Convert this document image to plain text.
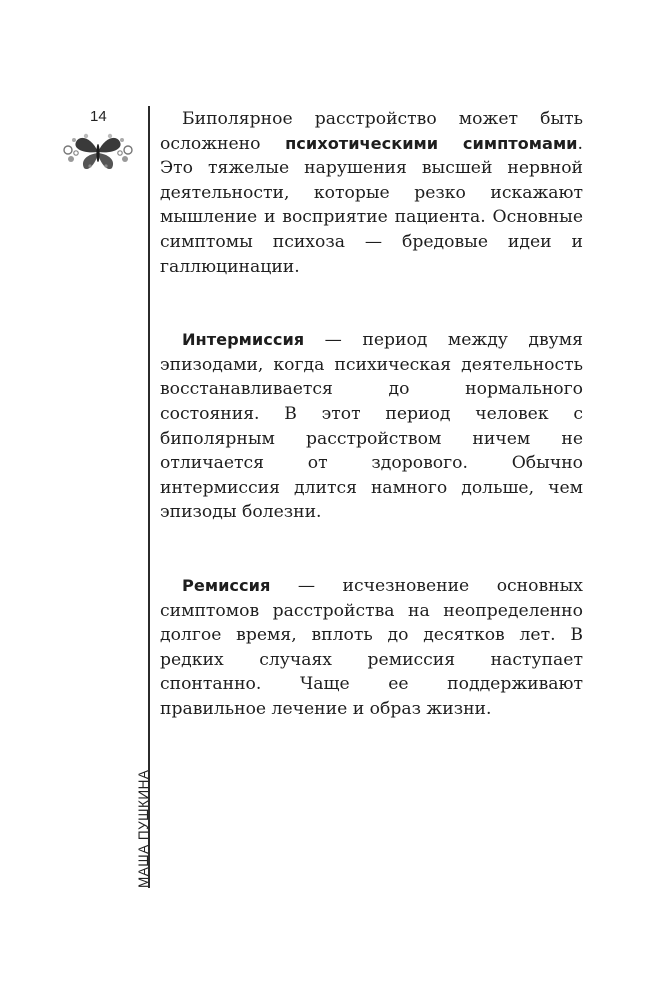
14
МАША ПУШКИНА

Биполярное расстройство может быть осложнено психотическими симптомами. Это тяжелые нарушения высшей нервной деятельности, которые резко искажают мышление и восприятие пациента. Основные симптомы психоза — бредовые идеи и галлюцинации.

Интермиссия — период между двумя эпизодами, когда психическая деятельность восстанавливается до нормального состояния. В этот период человек с биполярным расстройством ничем не отличается от здорового. Обычно интермиссия длится намного дольше, чем эпизоды болезни.

Ремиссия — исчезновение основных симптомов расстройства на неопределенно долгое время, вплоть до десятков лет. В редких случаях ремиссия наступает спонтанно. Чаще ее поддерживают правильное лечение и образ жизни.
